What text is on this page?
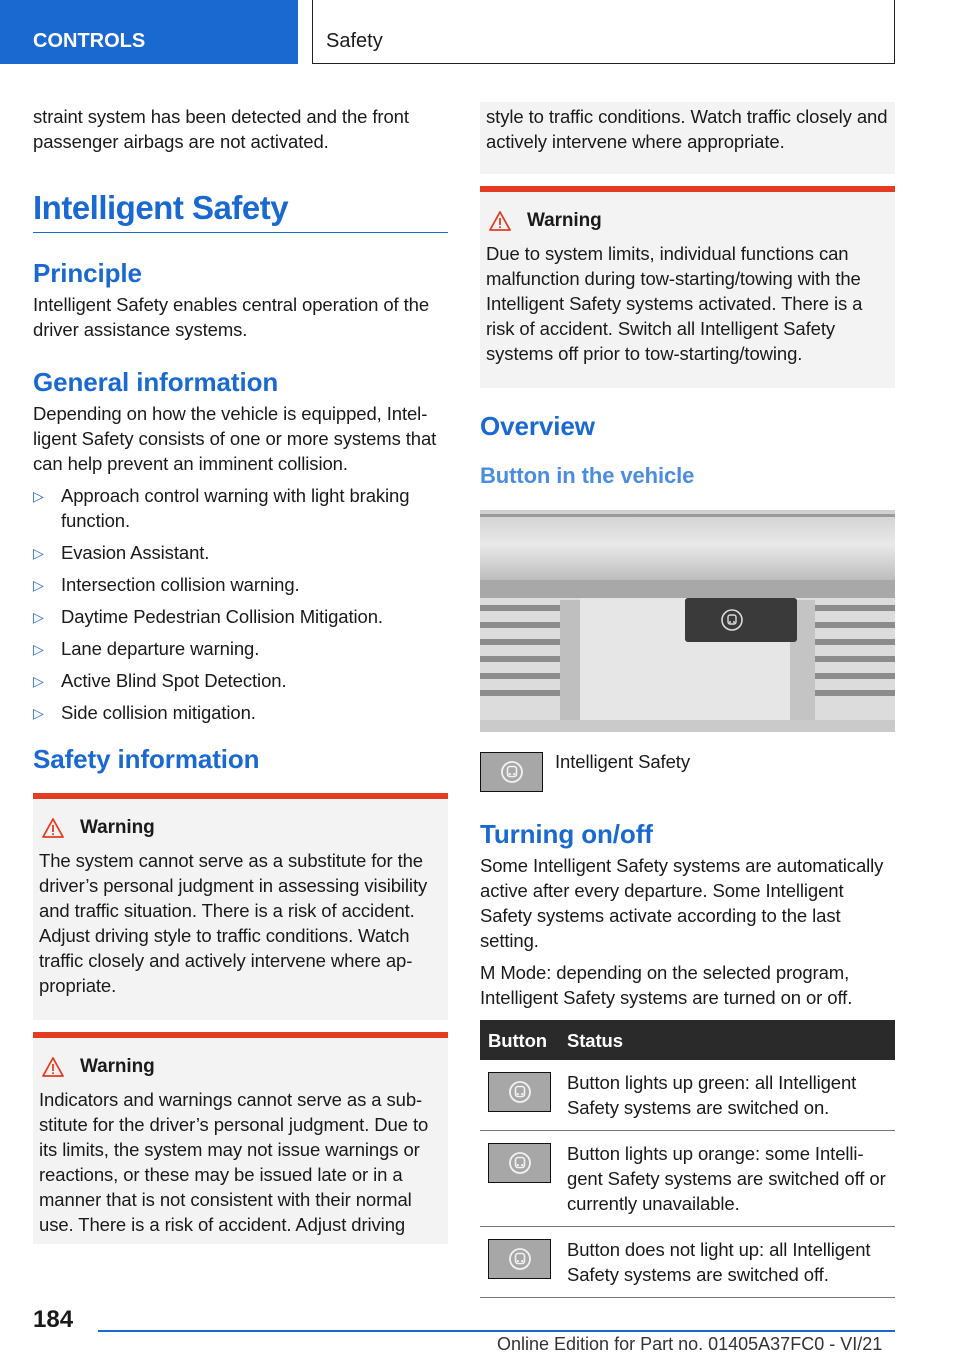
CONTROLS	Safety

straint system has been detected and the front passenger airbags are not activated.

Intelligent Safety
Principle

Intelligent Safety enables central operation of the driver assistance systems.

General information

Depending on how the vehicle is equipped, Intelligent Safety consists of one or more systems that can help prevent an imminent collision.

▷ Approach control warning with light braking function.
▷ Evasion Assistant.
▷ Intersection collision warning.
▷ Daytime Pedestrian Collision Mitigation.
▷ Lane departure warning.
▷ Active Blind Spot Detection.
▷ Side collision mitigation.
Safety information
Warning

The system cannot serve as a substitute for the driver’s personal judgment in assessing visibility and traffic situation. There is a risk of accident. Adjust driving style to traffic conditions. Watch traffic closely and actively intervene where appropriate.

Warning

Indicators and warnings cannot serve as a substitute for the driver’s personal judgment. Due to its limits, the system may not issue warnings or reactions, or these may be issued late or in a manner that is not consistent with their normal use. There is a risk of accident. Adjust driving

style to traffic conditions. Watch traffic closely and actively intervene where appropriate.

Warning

Due to system limits, individual functions can malfunction during tow-starting/towing with the Intelligent Safety systems activated. There is a risk of accident. Switch all Intelligent Safety systems off prior to tow-starting/towing.

Overview
Button in the vehicle
Intelligent Safety
Turning on/off

Some Intelligent Safety systems are automatically active after every departure. Some Intelligent Safety systems activate according to the last setting.

M Mode: depending on the selected program, Intelligent Safety systems are turned on or off.

Button	Status

	Button lights up green: all Intelligent Safety systems are switched on.

	Button lights up orange: some Intelligent Safety systems are switched off or currently unavailable.

	Button does not light up: all Intelligent Safety systems are switched off.
184
Online Edition for Part no. 01405A37FC0 - VI/21
